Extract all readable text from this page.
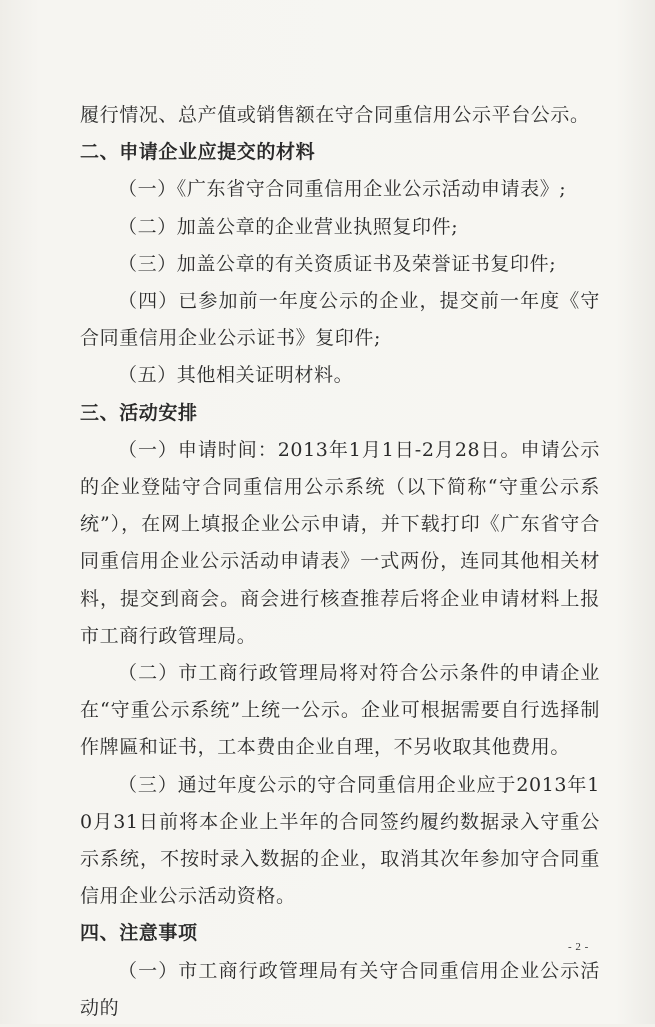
履行情况、总产值或销售额在守合同重信用公示平台公示。

二、申请企业应提交的材料

（一）《广东省守合同重信用企业公示活动申请表》;

（二）加盖公章的企业营业执照复印件;

（三）加盖公章的有关资质证书及荣誉证书复印件;

（四）已参加前一年度公示的企业，提交前一年度《守合同重信用企业公示证书》复印件;

（五）其他相关证明材料。

三、活动安排

（一）申请时间：2013年1月1日-2月28日。申请公示的企业登陆守合同重信用公示系统（以下简称“守重公示系统”），在网上填报企业公示申请，并下载打印《广东省守合同重信用企业公示活动申请表》一式两份，连同其他相关材料，提交到商会。商会进行核查推荐后将企业申请材料上报市工商行政管理局。

（二）市工商行政管理局将对符合公示条件的申请企业在“守重公示系统”上统一公示。企业可根据需要自行选择制作牌匾和证书，工本费由企业自理，不另收取其他费用。

（三）通过年度公示的守合同重信用企业应于2013年10月31日前将本企业上半年的合同签约履约数据录入守重公示系统，不按时录入数据的企业，取消其次年参加守合同重信用企业公示活动资格。

四、注意事项

（一）市工商行政管理局有关守合同重信用企业公示活动的

- 2 -
